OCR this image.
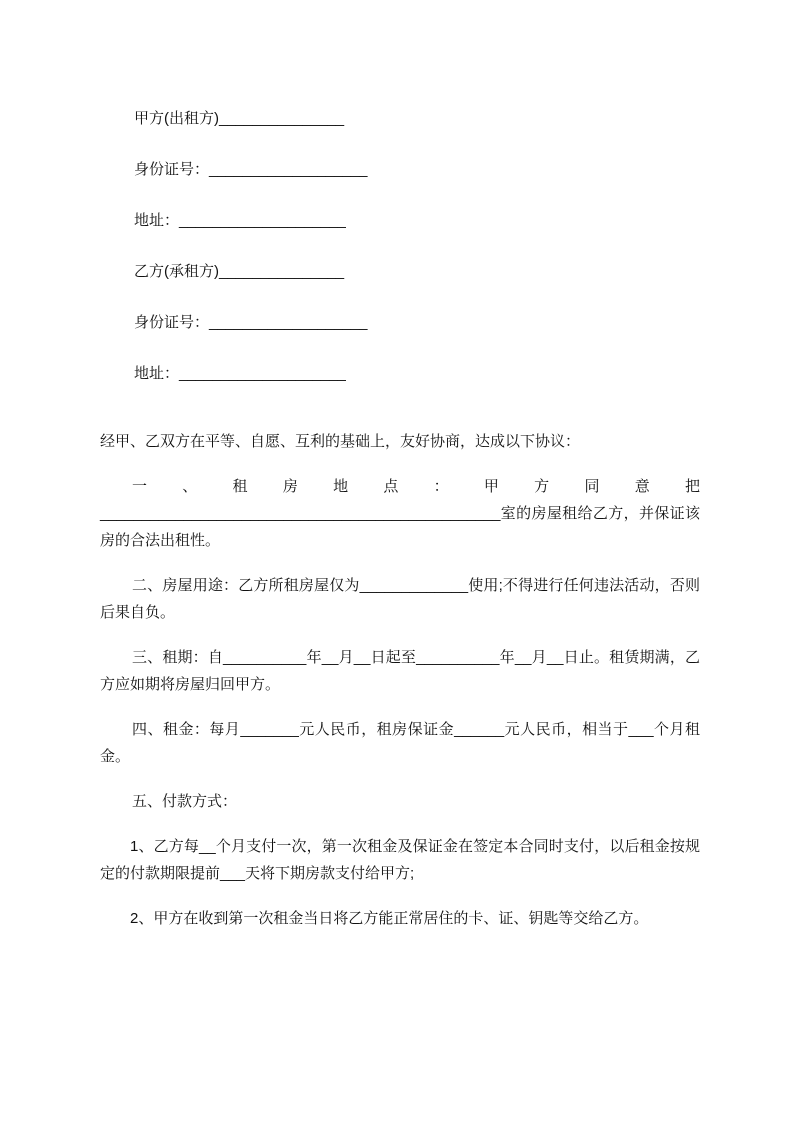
甲方(出租方)_______________
身份证号：___________________
地址：____________________
乙方(承租方)_______________
身份证号：___________________
地址：____________________

经甲、乙双方在平等、自愿、互利的基础上，友好协商，达成以下协议：

一、租房地点：甲方同意把________________________________________________室的房屋租给乙方，并保证该房的合法出租性。

二、房屋用途：乙方所租房屋仅为_____________使用;不得进行任何违法活动，否则后果自负。

三、租期：自__________年__月__日起至__________年__月__日止。租赁期满，乙方应如期将房屋归回甲方。

四、租金：每月_______元人民币，租房保证金______元人民币，相当于___个月租金。

五、付款方式：

1、乙方每__个月支付一次，第一次租金及保证金在签定本合同时支付，以后租金按规定的付款期限提前___天将下期房款支付给甲方;

2、甲方在收到第一次租金当日将乙方能正常居住的卡、证、钥匙等交给乙方。
